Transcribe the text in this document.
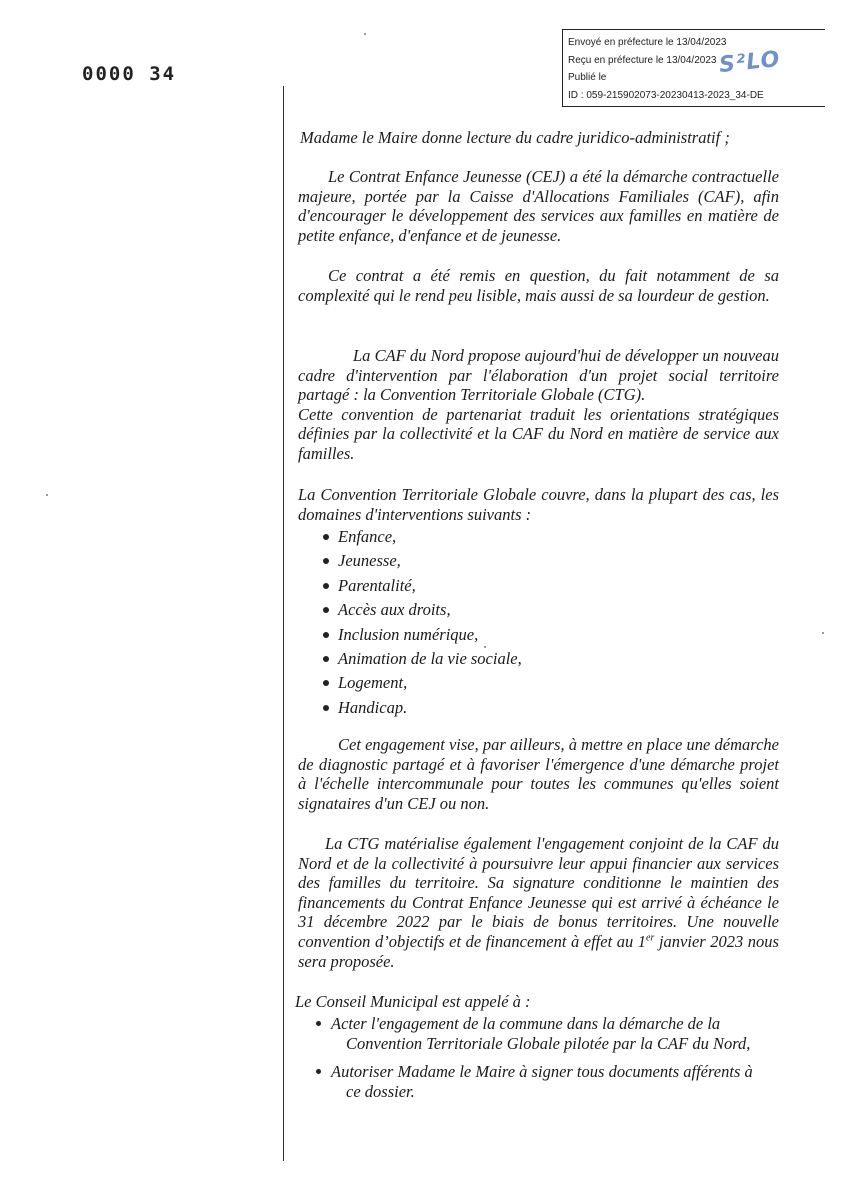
Envoyé en préfecture le 13/04/2023
Reçu en préfecture le 13/04/2023
Publié le
ID : 059-215902073-20230413-2023_34-DE
S²LO
0000 34
Madame le Maire donne lecture du cadre juridico-administratif ;
Le Contrat Enfance Jeunesse (CEJ) a été la démarche contractuelle majeure, portée par la Caisse d'Allocations Familiales (CAF), afin d'encourager le développement des services aux familles en matière de petite enfance, d'enfance et de jeunesse.
Ce contrat a été remis en question, du fait notamment de sa complexité qui le rend peu lisible, mais aussi de sa lourdeur de gestion.
La CAF du Nord propose aujourd'hui de développer un nouveau cadre d'intervention par l'élaboration d'un projet social territoire partagé : la Convention Territoriale Globale (CTG).
Cette convention de partenariat traduit les orientations stratégiques définies par la collectivité et la CAF du Nord en matière de service aux familles.
La Convention Territoriale Globale couvre, dans la plupart des cas, les domaines d'interventions suivants :
Enfance,
Jeunesse,
Parentalité,
Accès aux droits,
Inclusion numérique,
Animation de la vie sociale,
Logement,
Handicap.
Cet engagement vise, par ailleurs, à mettre en place une démarche de diagnostic partagé et à favoriser l'émergence d'une démarche projet à l'échelle intercommunale pour toutes les communes qu'elles soient signataires d'un CEJ ou non.
La CTG matérialise également l'engagement conjoint de la CAF du Nord et de la collectivité à poursuivre leur appui financier aux services des familles du territoire. Sa signature conditionne le maintien des financements du Contrat Enfance Jeunesse qui est arrivé à échéance le 31 décembre 2022 par le biais de bonus territoires. Une nouvelle convention d’objectifs et de financement à effet au 1er janvier 2023 nous sera proposée.
Le Conseil Municipal est appelé à :
Acter l'engagement de la commune dans la démarche de la
Convention Territoriale Globale pilotée par la CAF du Nord,
Autoriser Madame le Maire à signer tous documents afférents à
ce dossier.
